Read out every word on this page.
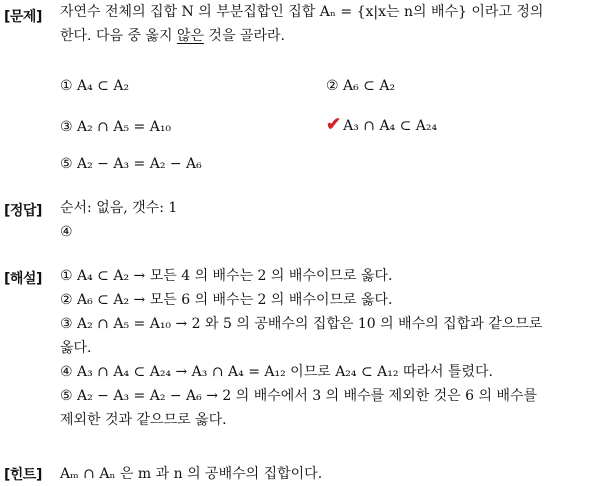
[문제] 자연수 전체의 집합 N 의 부분집합인 집합 Aₙ = {x|x는 n의 배수} 이라고 정의
한다. 다음 중 옳지 않은 것을 골라라.
① A₄ ⊂ A₂	② A₆ ⊂ A₂
③ A₂ ∩ A₅ = A₁₀	✔ A₃ ∩ A₄ ⊂ A₂₄
⑤ A₂ − A₃ = A₂ − A₆
[정답] 순서: 없음, 갯수: 1
④
[해설] ① A₄ ⊂ A₂ → 모든 4 의 배수는 2 의 배수이므로 옳다.
② A₆ ⊂ A₂ → 모든 6 의 배수는 2 의 배수이므로 옳다.
③ A₂ ∩ A₅ = A₁₀ → 2 와 5 의 공배수의 집합은 10 의 배수의 집합과 같으므로
옳다.
④ A₃ ∩ A₄ ⊂ A₂₄ → A₃ ∩ A₄ = A₁₂ 이므로 A₂₄ ⊂ A₁₂ 따라서 틀렸다.
⑤ A₂ − A₃ = A₂ − A₆ → 2 의 배수에서 3 의 배수를 제외한 것은 6 의 배수를
제외한 것과 같으므로 옳다.
[힌트] Aₘ ∩ Aₙ 은 m 과 n 의 공배수의 집합이다.
